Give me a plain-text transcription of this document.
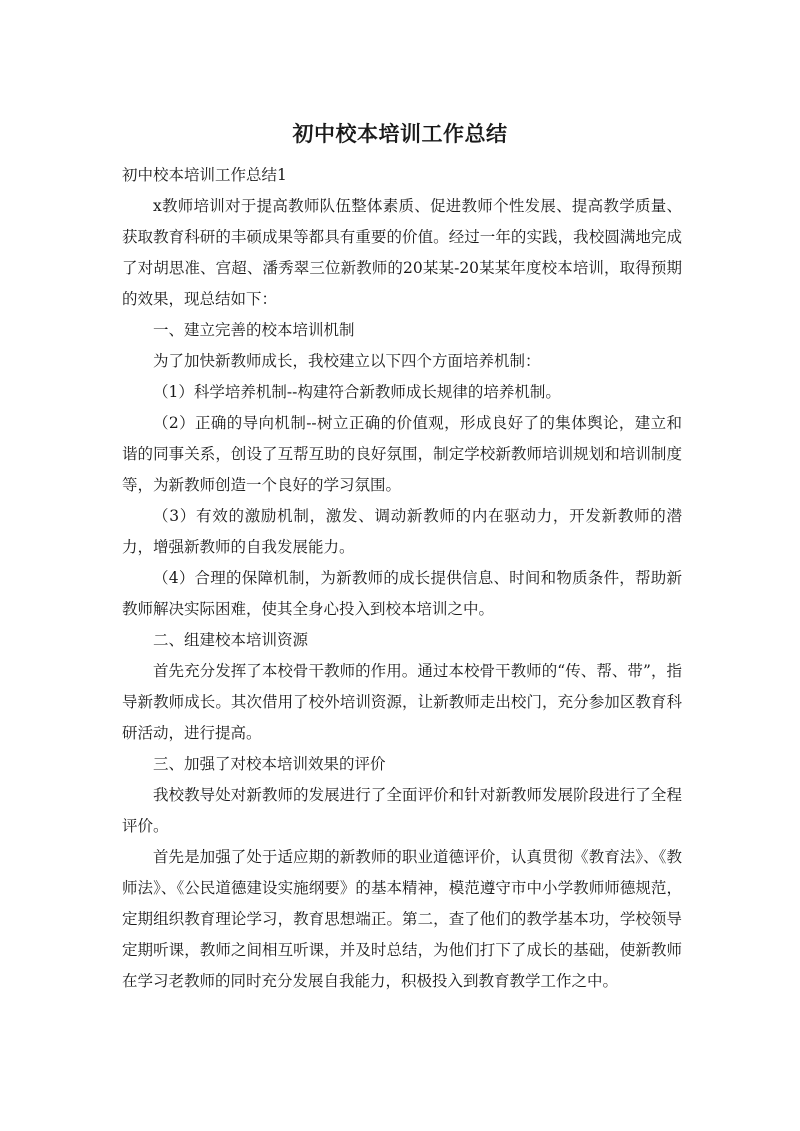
初中校本培训工作总结

初中校本培训工作总结1

x教师培训对于提高教师队伍整体素质、促进教师个性发展、提高教学质量、获取教育科研的丰硕成果等都具有重要的价值。经过一年的实践，我校圆满地完成了对胡思准、宫超、潘秀翠三位新教师的20某某-20某某年度校本培训，取得预期的效果，现总结如下：

一、建立完善的校本培训机制

为了加快新教师成长，我校建立以下四个方面培养机制：

（1）科学培养机制--构建符合新教师成长规律的培养机制。

（2）正确的导向机制--树立正确的价值观，形成良好了的集体舆论，建立和谐的同事关系，创设了互帮互助的良好氛围，制定学校新教师培训规划和培训制度等，为新教师创造一个良好的学习氛围。

（3）有效的激励机制，激发、调动新教师的内在驱动力，开发新教师的潜力，增强新教师的自我发展能力。

（4）合理的保障机制，为新教师的成长提供信息、时间和物质条件，帮助新教师解决实际困难，使其全身心投入到校本培训之中。

二、组建校本培训资源

首先充分发挥了本校骨干教师的作用。通过本校骨干教师的“传、帮、带”，指导新教师成长。其次借用了校外培训资源，让新教师走出校门，充分参加区教育科研活动，进行提高。

三、加强了对校本培训效果的评价

我校教导处对新教师的发展进行了全面评价和针对新教师发展阶段进行了全程评价。

首先是加强了处于适应期的新教师的职业道德评价，认真贯彻《教育法》、《教师法》、《公民道德建设实施纲要》的基本精神，模范遵守市中小学教师师德规范，定期组织教育理论学习，教育思想端正。第二，查了他们的教学基本功，学校领导定期听课，教师之间相互听课，并及时总结，为他们打下了成长的基础，使新教师在学习老教师的同时充分发展自我能力，积极投入到教育教学工作之中。
